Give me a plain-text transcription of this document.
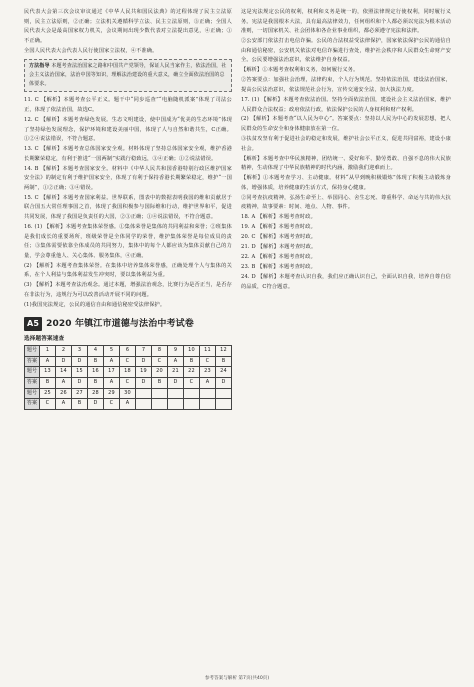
民代表大会第三次会议审议通过《中华人民共和国民法典》的过程体现了民主立法原则，民主立法原则，②正确；立法机关遵循科学立法、民主立法原则，③正确；全国人民代表大会是最高国家权力机关，会议期间出现少数代表对立法提出意见，④正确；①不正确。

全国人民代表大会代表人民行使国家立法权，④不准确。

方法指导 本题考查法治国家之路和中国共产党领导，保证人民当家作主，依法治国，社会主义法治国家，法治中国等知识，理解法治建设的重大意义，确立全面依法治国的总体要求。

11. C 【解析】本题考查公平正义。题干中“同步巡查”“电脑随机派案”体现了司法公正，体现了依法治国，故选C。

12. C 【解析】本题考查绿色发展。生态文明建设，使中国成为“优美的生态环境”体现了坚持绿色发展理念，保护环境和建设美丽中国，体现了人与自然和谐共生，C正确。①②④说法错误，不符合题意。

13. C 【解析】本题考查总体国家安全观。材料体现了坚持总体国家安全观，维护香港长期繁荣稳定，有利于推进“一国两制”实践行稳致远，③④正确；①②说法错误。

14. B 【解析】本题考查国家安全。材料中《中华人民共和国香港特别行政区维护国家安全法》的制定有利于维护国家安全，体现了有利于保持香港长期繁荣稳定，维护“一国两制”，①②正确；③④错误。

15. C 【解析】本题考查国家利益。世界联系，图表中的数据表明我国的维和贡献居于联合国五大常任理事国之首，体现了我国积极参与国际维和行动，维护世界和平，促进共同发展，体现了我国是负责任的大国，②③正确；①④说法错误，不符合题意。

16. (1) 【解析】本题考查集体荣誉感。①集体荣誉是集体的共同利益和荣誉；②班集体是我们成长的重要场所，班级荣誉是全体同学的荣誉，维护集体荣誉是每位成员的责任；③集体需要依靠全体成员的共同努力，集体中的每个人都应该为集体贡献自己的力量，学会尊重他人、关心集体、服务集体，④正确。

(2) 【解析】本题考查集体荣誉。在集体中培养集体荣誉感，正确处理个人与集体的关系，在个人利益与集体利益发生冲突时，要以集体利益为重。

(3) 【解析】本题考查法治观念。通过本题，增强法治观念，比赛行为是否正当，是否存在非法行为，违规行为可以改善活动开展不同的问题。

(1)我国宪法规定，公民的通信自由和通信秘密受法律保护。

A5 2020 年镇江市道德与法治中考试卷
选择题答案速查
题号	1	2	3	4	5	6	7	8	9	10	11	12
答案	A	D	D	B	A	C	D	C	A	B	C	B
题号	13	14	15	16	17	18	19	20	21	22	23	24
答案	B	A	D	B	A	C	D	B	D	C	A	D
题号	25	26	27	28	29	30						
答案	C	A	B	D	C	A						

这是宪法规定公民的权利，权利和义务是统一的，依照法律规定行使权利，同时履行义务。宪法是我国根本大法，具有最高法律效力，任何组织和个人都必须以宪法为根本活动准则，一切国家机关、社会团体和各企业事业组织，都必须遵守宪法和法律。

②公安部门依法打击电信诈骗。公民的合法权益受法律保护，国家依法保护公民的通信自由和通信秘密，公安机关依法对电信诈骗进行查处，维护社会秩序和人民群众生命财产安全。公民要增强法治意识，依法维护自身权益。

【解析】①本题考查权利和义务，如何履行义务。

②答案要点：加强社会治理，法律约束，个人行为规范。坚持依法治国，建设法治国家，提高公民法治意识，依法规范社会行为，宣传交通安全法，加大执法力度。

17. (1) 【解析】本题考查依法治国。坚持全面依法治国，建设社会主义法治国家，维护人民群众合法权益；政府依法行政，依法保护公民的人身权利和财产权利。

(2) 【解析】本题考查“以人民为中心”。答案要点：坚持以人民为中心的发展思想，把人民群众的生命安全和身体健康放在第一位。

③扶贫攻坚有利于促进社会的稳定和发展，维护社会公平正义，促进共同富裕，建设小康社会。

【解析】本题考查中华民族精神，团结统一、爱好和平、勤劳勇敢、自强不息的伟大民族精神，生动体现了中华民族精神的时代内涵，激励我们迎难而上。

【解析】①本题考查学习、主动健康。材料“从早到晚积极锻炼”体现了积极主动锻炼身体，增强体质，培养健康的生活方式，保持身心健康。

②同考查抗疫精神，弘扬生命至上、举国同心、舍生忘死、尊重科学、命运与共的伟大抗疫精神，故事要素：时间、地点、人物、事件。

18. A 【解析】本题考查时政。

19. A 【解析】本题考查时政。

20. C 【解析】本题考查时政。

21. D 【解析】本题考查时政。

22. A 【解析】本题考查时政。

23. B 【解析】本题考查时政。

24. D 【解析】本题考查认识自我，我们应正确认识自己，全面认识自我，培养自尊自信的品质，C符合题意。

参考答案与解析 第7页(共40页)
